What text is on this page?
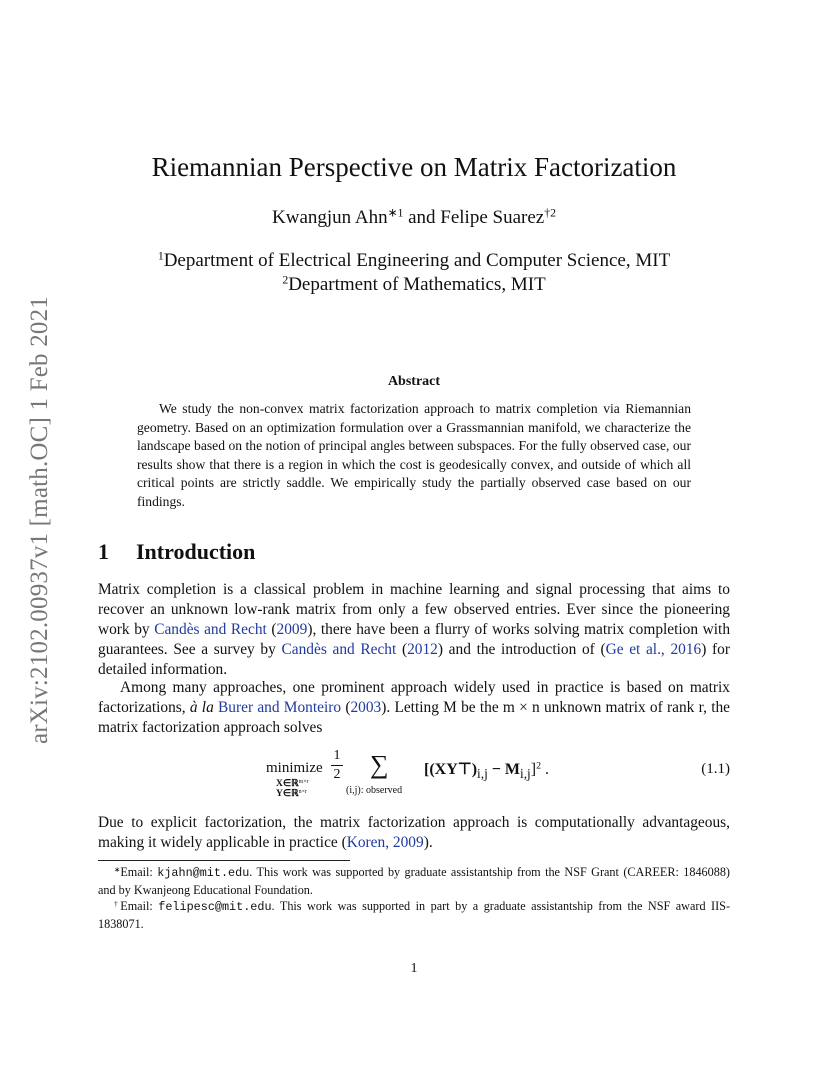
arXiv:2102.00937v1 [math.OC] 1 Feb 2021
Riemannian Perspective on Matrix Factorization
Kwangjun Ahn$^{∗1}$ and Felipe Suarez$^{\dagger 2}$
$^1$Department of Electrical Engineering and Computer Science, MIT
$^2$Department of Mathematics, MIT
Abstract
We study the non-convex matrix factorization approach to matrix completion via Riemannian geometry. Based on an optimization formulation over a Grassmannian manifold, we characterize the landscape based on the notion of principal angles between subspaces. For the fully observed case, our results show that there is a region in which the cost is geodesically convex, and outside of which all critical points are strictly saddle. We empirically study the partially observed case based on our findings.
1 Introduction
Matrix completion is a classical problem in machine learning and signal processing that aims to recover an unknown low-rank matrix from only a few observed entries. Ever since the pioneering work by Candès and Recht (2009), there have been a flurry of works solving matrix completion with guarantees. See a survey by Candès and Recht (2012) and the introduction of (Ge et al., 2016) for detailed information.
Among many approaches, one prominent approach widely used in practice is based on matrix factorizations, à la Burer and Monteiro (2003). Letting M be the m × n unknown matrix of rank r, the matrix factorization approach solves
minimize
X∈ℝ$^{m\times r}$
Y∈ℝ$^{n\times r}$
1
2 ∑
(i,j): observed
$[(XY⊤)_{i,j} - M_{i,j}]^2$ .	(1.1)
Due to explicit factorization, the matrix factorization approach is computationally advantageous, making it widely applicable in practice (Koren, 2009).
∗Email: kjahn@mit.edu. This work was supported by graduate assistantship from the NSF Grant (CAREER: 1846088) and by Kwanjeong Educational Foundation.
†Email: felipesc@mit.edu. This work was supported in part by a graduate assistantship from the NSF award IIS-1838071.
1
